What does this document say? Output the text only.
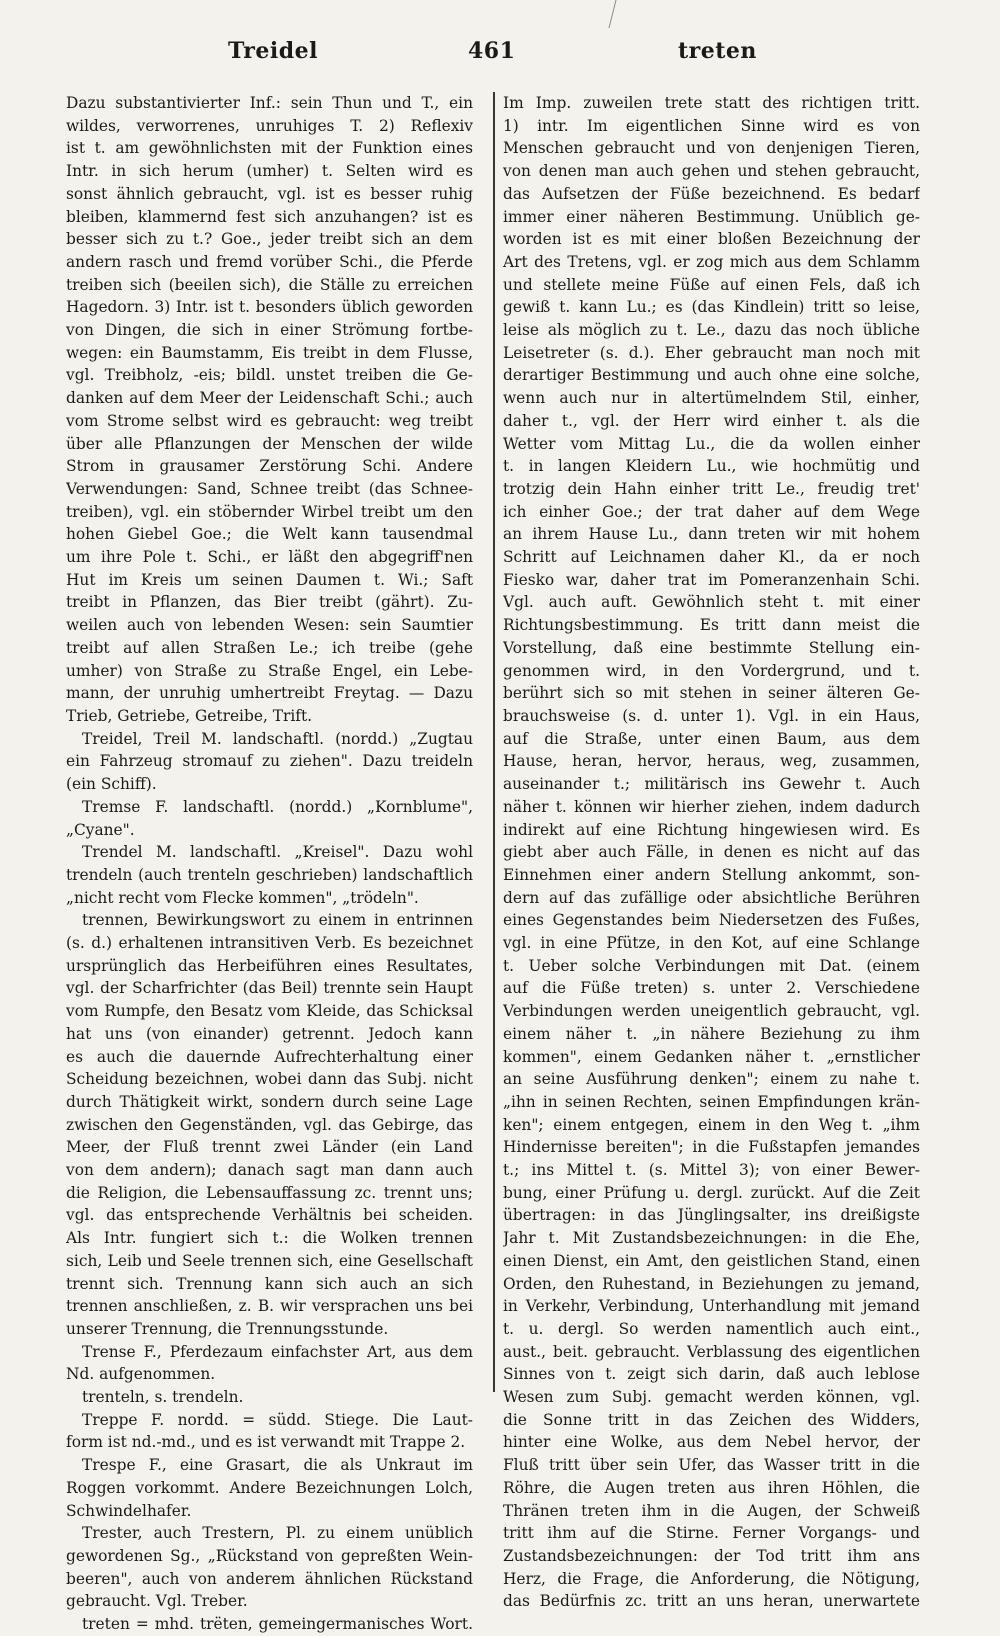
Treidel	461	treten
Dazu substantivierter Inf.: sein Thun und T., ein
wildes, verworrenes, unruhiges T. 2) Reflexiv
ist t. am gewöhnlichsten mit der Funktion eines
Intr. in sich herum (umher) t. Selten wird es
sonst ähnlich gebraucht, vgl. ist es besser ruhig
bleiben, klammernd fest sich anzuhangen? ist es
besser sich zu t.? Goe., jeder treibt sich an dem
andern rasch und fremd vorüber Schi., die Pferde
treiben sich (beeilen sich), die Ställe zu erreichen
Hagedorn. 3) Intr. ist t. besonders üblich geworden
von Dingen, die sich in einer Strömung fortbe-
wegen: ein Baumstamm, Eis treibt in dem Flusse,
vgl. Treibholz, -eis; bildl. unstet treiben die Ge-
danken auf dem Meer der Leidenschaft Schi.; auch
vom Strome selbst wird es gebraucht: weg treibt
über alle Pflanzungen der Menschen der wilde
Strom in grausamer Zerstörung Schi. Andere
Verwendungen: Sand, Schnee treibt (das Schnee-
treiben), vgl. ein stöbernder Wirbel treibt um den
hohen Giebel Goe.; die Welt kann tausendmal
um ihre Pole t. Schi., er läßt den abgegriff'nen
Hut im Kreis um seinen Daumen t. Wi.; Saft
treibt in Pflanzen, das Bier treibt (gährt). Zu-
weilen auch von lebenden Wesen: sein Saumtier
treibt auf allen Straßen Le.; ich treibe (gehe
umher) von Straße zu Straße Engel, ein Lebe-
mann, der unruhig umhertreibt Freytag. — Dazu
Trieb, Getriebe, Getreibe, Trift.
Treidel, Treil M. landschaftl. (nordd.) „Zugtau
ein Fahrzeug stromauf zu ziehen". Dazu treideln
(ein Schiff).
Tremse F. landschaftl. (nordd.) „Kornblume",
„Cyane".
Trendel M. landschaftl. „Kreisel". Dazu wohl
trendeln (auch trenteln geschrieben) landschaftlich
„nicht recht vom Flecke kommen", „trödeln".
trennen, Bewirkungswort zu einem in entrinnen
(s. d.) erhaltenen intransitiven Verb. Es bezeichnet
ursprünglich das Herbeiführen eines Resultates,
vgl. der Scharfrichter (das Beil) trennte sein Haupt
vom Rumpfe, den Besatz vom Kleide, das Schicksal
hat uns (von einander) getrennt. Jedoch kann
es auch die dauernde Aufrechterhaltung einer
Scheidung bezeichnen, wobei dann das Subj. nicht
durch Thätigkeit wirkt, sondern durch seine Lage
zwischen den Gegenständen, vgl. das Gebirge, das
Meer, der Fluß trennt zwei Länder (ein Land
von dem andern); danach sagt man dann auch
die Religion, die Lebensauffassung zc. trennt uns;
vgl. das entsprechende Verhältnis bei scheiden.
Als Intr. fungiert sich t.: die Wolken trennen
sich, Leib und Seele trennen sich, eine Gesellschaft
trennt sich. Trennung kann sich auch an sich
trennen anschließen, z. B. wir versprachen uns bei
unserer Trennung, die Trennungsstunde.
Trense F., Pferdezaum einfachster Art, aus dem
Nd. aufgenommen.
trenteln, s. trendeln.
Treppe F. nordd. = südd. Stiege. Die Laut-
form ist nd.-md., und es ist verwandt mit Trappe 2.
Trespe F., eine Grasart, die als Unkraut im
Roggen vorkommt. Andere Bezeichnungen Lolch,
Schwindelhafer.
Trester, auch Trestern, Pl. zu einem unüblich
gewordenen Sg., „Rückstand von gepreßten Wein-
beeren", auch von anderem ähnlichen Rückstand
gebraucht. Vgl. Treber.
treten = mhd. trëten, gemeingermanisches Wort.
Im Imp. zuweilen trete statt des richtigen tritt.
1) intr. Im eigentlichen Sinne wird es von
Menschen gebraucht und von denjenigen Tieren,
von denen man auch gehen und stehen gebraucht,
das Aufsetzen der Füße bezeichnend. Es bedarf
immer einer näheren Bestimmung. Unüblich ge-
worden ist es mit einer bloßen Bezeichnung der
Art des Tretens, vgl. er zog mich aus dem Schlamm
und stellete meine Füße auf einen Fels, daß ich
gewiß t. kann Lu.; es (das Kindlein) tritt so leise,
leise als möglich zu t. Le., dazu das noch übliche
Leisetreter (s. d.). Eher gebraucht man noch mit
derartiger Bestimmung und auch ohne eine solche,
wenn auch nur in altertümelndem Stil, einher,
daher t., vgl. der Herr wird einher t. als die
Wetter vom Mittag Lu., die da wollen einher
t. in langen Kleidern Lu., wie hochmütig und
trotzig dein Hahn einher tritt Le., freudig tret'
ich einher Goe.; der trat daher auf dem Wege
an ihrem Hause Lu., dann treten wir mit hohem
Schritt auf Leichnamen daher Kl., da er noch
Fiesko war, daher trat im Pomeranzenhain Schi.
Vgl. auch auft. Gewöhnlich steht t. mit einer
Richtungsbestimmung. Es tritt dann meist die
Vorstellung, daß eine bestimmte Stellung ein-
genommen wird, in den Vordergrund, und t.
berührt sich so mit stehen in seiner älteren Ge-
brauchsweise (s. d. unter 1). Vgl. in ein Haus,
auf die Straße, unter einen Baum, aus dem
Hause, heran, hervor, heraus, weg, zusammen,
auseinander t.; militärisch ins Gewehr t. Auch
näher t. können wir hierher ziehen, indem dadurch
indirekt auf eine Richtung hingewiesen wird. Es
giebt aber auch Fälle, in denen es nicht auf das
Einnehmen einer andern Stellung ankommt, son-
dern auf das zufällige oder absichtliche Berühren
eines Gegenstandes beim Niedersetzen des Fußes,
vgl. in eine Pfütze, in den Kot, auf eine Schlange
t. Ueber solche Verbindungen mit Dat. (einem
auf die Füße treten) s. unter 2. Verschiedene
Verbindungen werden uneigentlich gebraucht, vgl.
einem näher t. „in nähere Beziehung zu ihm
kommen", einem Gedanken näher t. „ernstlicher
an seine Ausführung denken"; einem zu nahe t.
„ihn in seinen Rechten, seinen Empfindungen krän-
ken"; einem entgegen, einem in den Weg t. „ihm
Hindernisse bereiten"; in die Fußstapfen jemandes
t.; ins Mittel t. (s. Mittel 3); von einer Bewer-
bung, einer Prüfung u. dergl. zurückt. Auf die Zeit
übertragen: in das Jünglingsalter, ins dreißigste
Jahr t. Mit Zustandsbezeichnungen: in die Ehe,
einen Dienst, ein Amt, den geistlichen Stand, einen
Orden, den Ruhestand, in Beziehungen zu jemand,
in Verkehr, Verbindung, Unterhandlung mit jemand
t. u. dergl. So werden namentlich auch eint.,
aust., beit. gebraucht. Verblassung des eigentlichen
Sinnes von t. zeigt sich darin, daß auch leblose
Wesen zum Subj. gemacht werden können, vgl.
die Sonne tritt in das Zeichen des Widders,
hinter eine Wolke, aus dem Nebel hervor, der
Fluß tritt über sein Ufer, das Wasser tritt in die
Röhre, die Augen treten aus ihren Höhlen, die
Thränen treten ihm in die Augen, der Schweiß
tritt ihm auf die Stirne. Ferner Vorgangs- und
Zustandsbezeichnungen: der Tod tritt ihm ans
Herz, die Frage, die Anforderung, die Nötigung,
das Bedürfnis zc. tritt an uns heran, unerwartete
